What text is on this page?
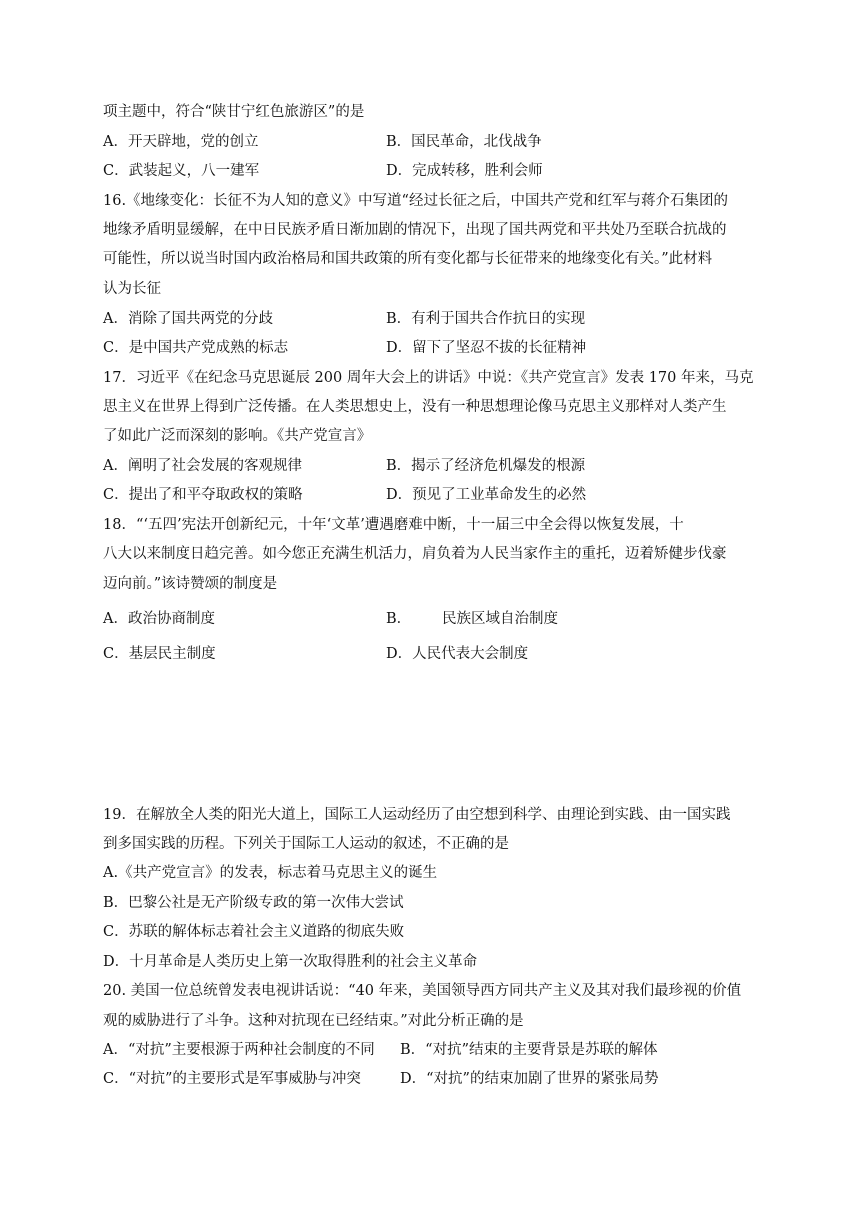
项主题中，符合“陕甘宁红色旅游区”的是
A．开天辟地，党的创立	B．国民革命，北伐战争
C．武装起义，八一建军	D．完成转移，胜利会师
16.《地缘变化：长征不为人知的意义》中写道“经过长征之后，中国共产党和红军与蒋介石集团的
地缘矛盾明显缓解，在中日民族矛盾日渐加剧的情况下，出现了国共两党和平共处乃至联合抗战的
可能性，所以说当时国内政治格局和国共政策的所有变化都与长征带来的地缘变化有关。”此材料
认为长征
A．消除了国共两党的分歧	B．有利于国共合作抗日的实现
C．是中国共产党成熟的标志	D．留下了坚忍不拔的长征精神
17．习近平《在纪念马克思诞辰 200 周年大会上的讲话》中说：《共产党宣言》发表 170 年来，马克
思主义在世界上得到广泛传播。在人类思想史上，没有一种思想理论像马克思主义那样对人类产生
了如此广泛而深刻的影响。《共产党宣言》
A．阐明了社会发展的客观规律	B．揭示了经济危机爆发的根源
C．提出了和平夺取政权的策略	D．预见了工业革命发生的必然
18．“‘五四’宪法开创新纪元，十年‘文革’遭遇磨难中断，十一届三中全会得以恢复发展，十
八大以来制度日趋完善。如今您正充满生机活力，肩负着为人民当家作主的重托，迈着矫健步伐豪
迈向前。”该诗赞颂的制度是
A．政治协商制度	B． 民族区域自治制度
C．基层民主制度	D．人民代表大会制度
19．在解放全人类的阳光大道上，国际工人运动经历了由空想到科学、由理论到实践、由一国实践
到多国实践的历程。下列关于国际工人运动的叙述，不正确的是
A.《共产党宣言》的发表，标志着马克思主义的诞生
B．巴黎公社是无产阶级专政的第一次伟大尝试
C．苏联的解体标志着社会主义道路的彻底失败
D．十月革命是人类历史上第一次取得胜利的社会主义革命
20. 美国一位总统曾发表电视讲话说：“40 年来，美国领导西方同共产主义及其对我们最珍视的价值
观的威胁进行了斗争。这种对抗现在已经结束。”对此分析正确的是
A．“对抗”主要根源于两种社会制度的不同 B．“对抗”结束的主要背景是苏联的解体
C．“对抗”的主要形式是军事威胁与冲突	D．“对抗”的结束加剧了世界的紧张局势
